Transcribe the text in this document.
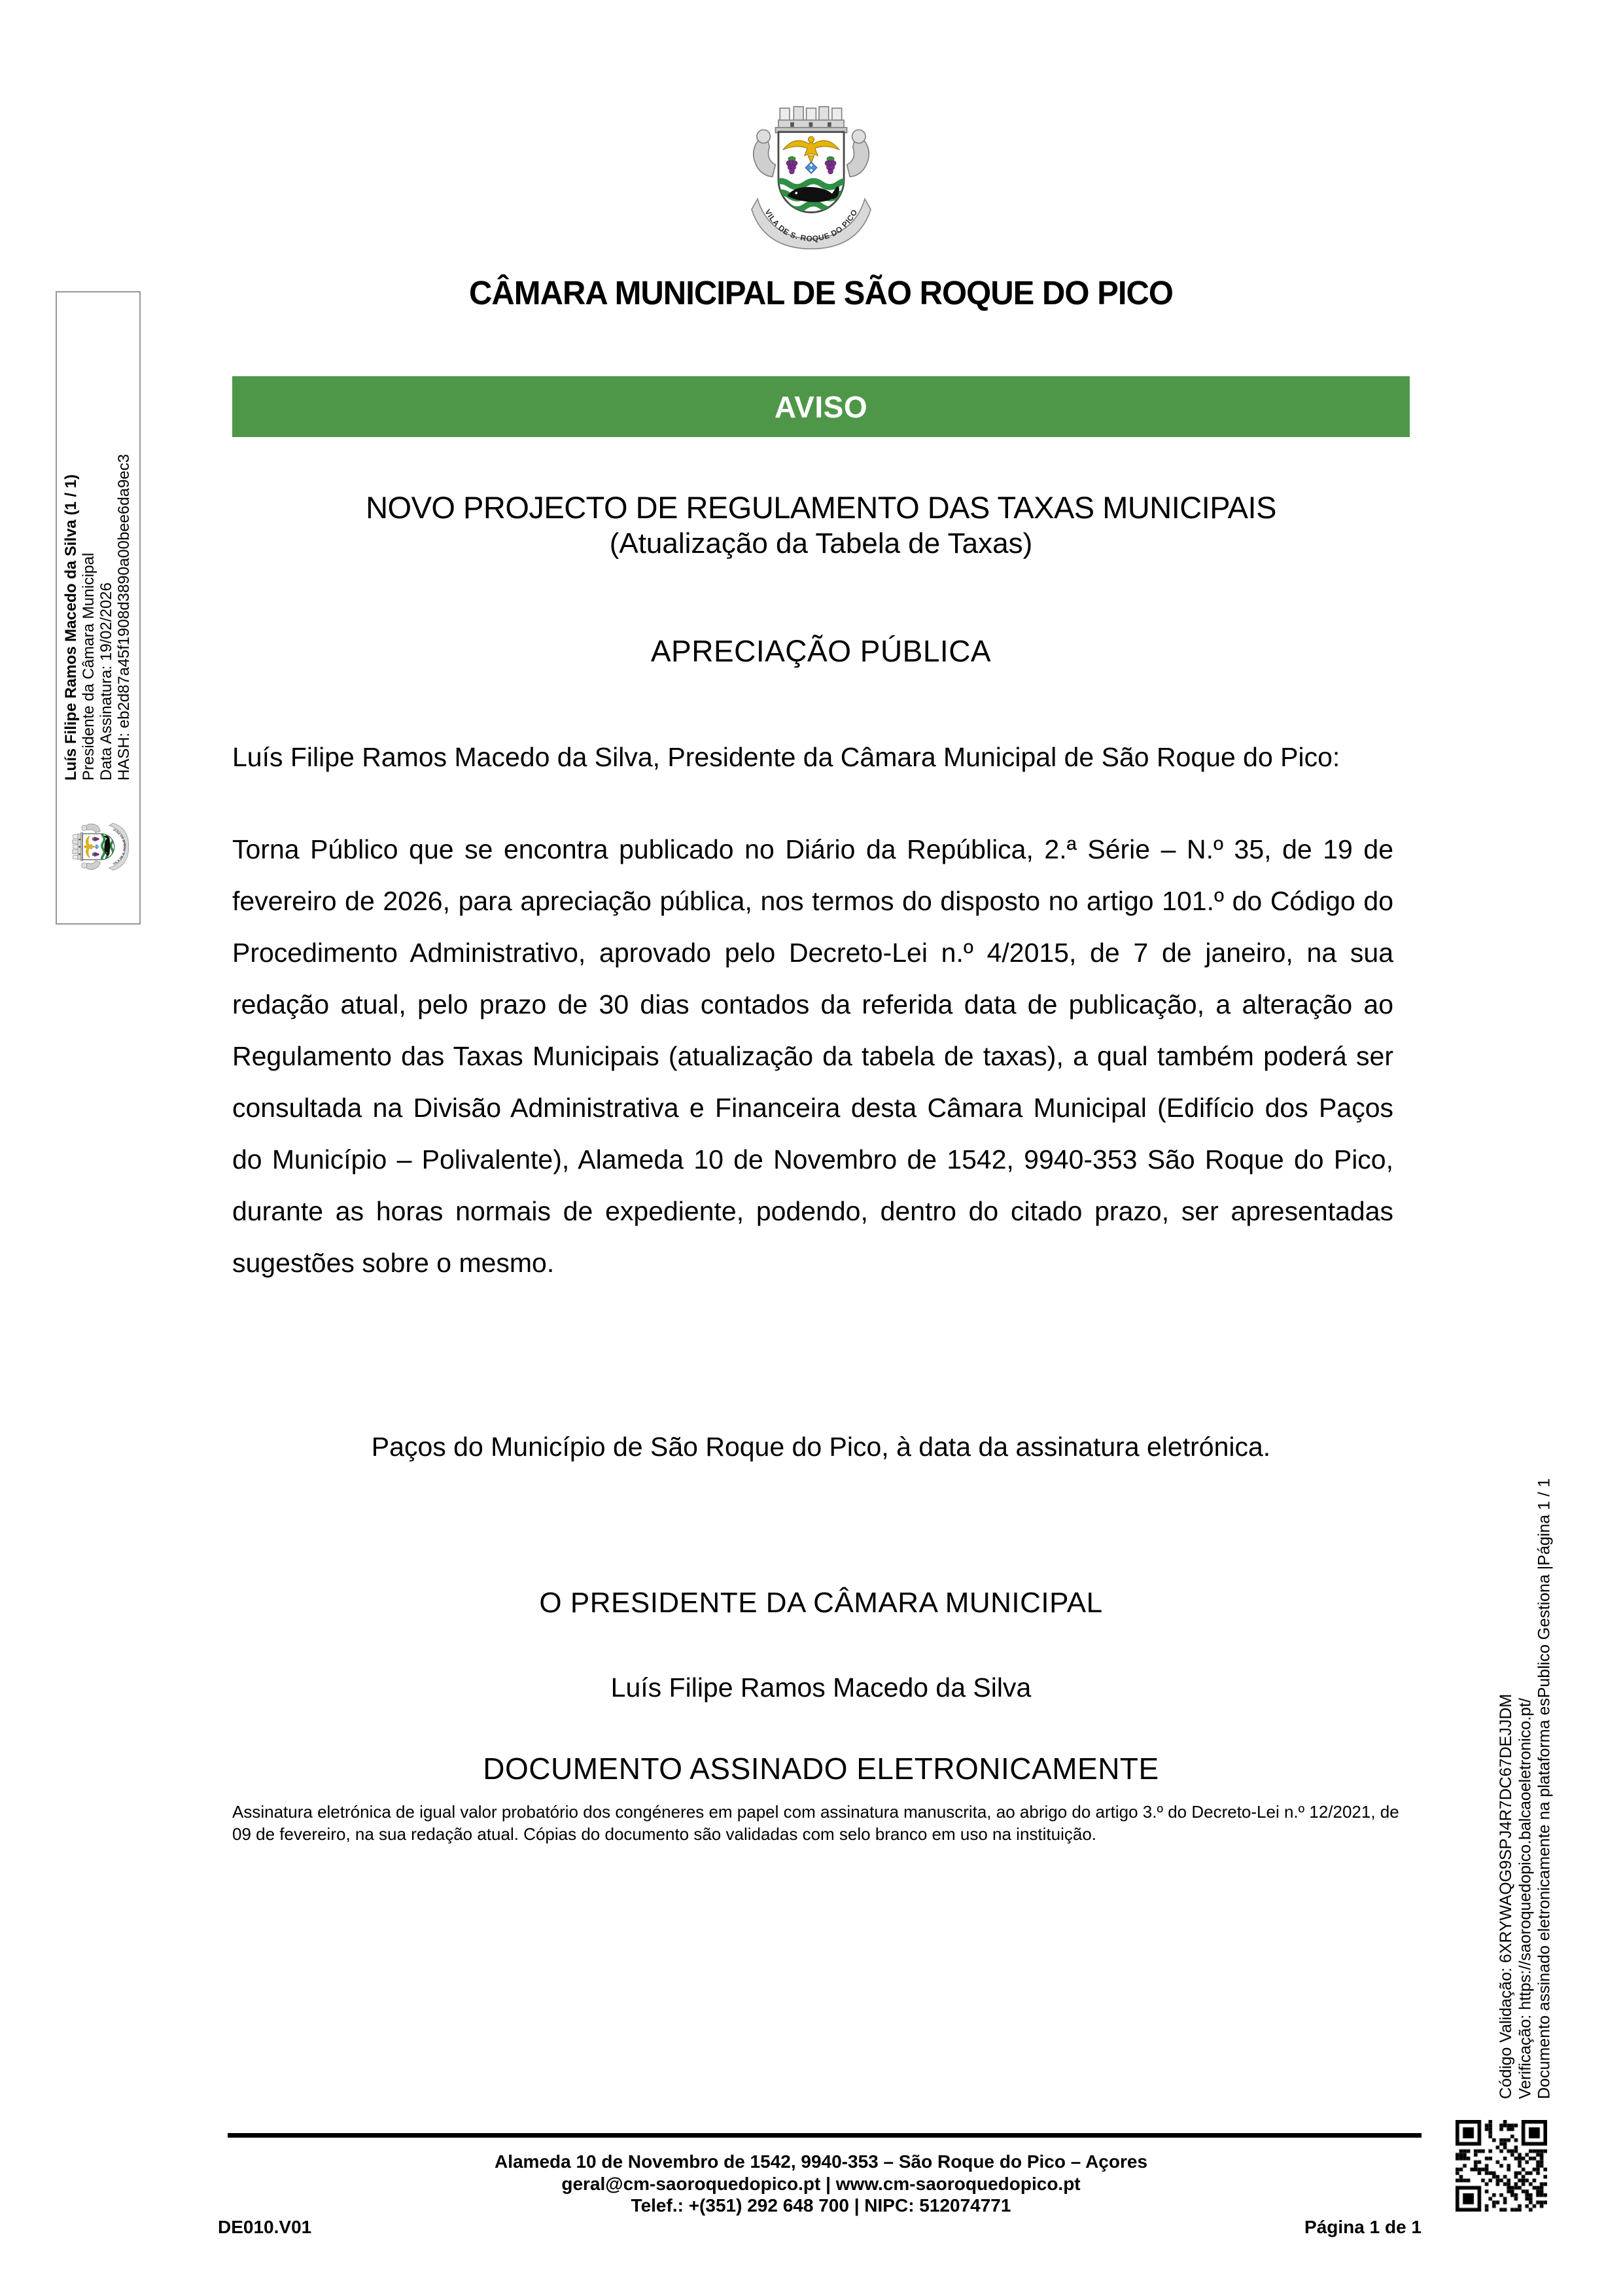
CÂMARA MUNICIPAL DE SÃO ROQUE DO PICO
AVISO
NOVO PROJECTO DE REGULAMENTO DAS TAXAS MUNICIPAIS
(Atualização da Tabela de Taxas)
APRECIAÇÃO PÚBLICA

Luís Filipe Ramos Macedo da Silva, Presidente da Câmara Municipal de São Roque do Pico:

Torna Público que se encontra publicado no Diário da República, 2.ª Série – N.º 35, de 19 de fevereiro de 2026, para apreciação pública, nos termos do disposto no artigo 101.º do Código do Procedimento Administrativo, aprovado pelo Decreto-Lei n.º 4/2015, de 7 de janeiro, na sua redação atual, pelo prazo de 30 dias contados da referida data de publicação, a alteração ao Regulamento das Taxas Municipais (atualização da tabela de taxas), a qual também poderá ser consultada na Divisão Administrativa e Financeira desta Câmara Municipal (Edifício dos Paços do Município – Polivalente), Alameda 10 de Novembro de 1542, 9940-353 São Roque do Pico, durante as horas normais de expediente, podendo, dentro do citado prazo, ser apresentadas sugestões sobre o mesmo.

Paços do Município de São Roque do Pico, à data da assinatura eletrónica.
O PRESIDENTE DA CÂMARA MUNICIPAL
Luís Filipe Ramos Macedo da Silva
DOCUMENTO ASSINADO ELETRONICAMENTE
Assinatura eletrónica de igual valor probatório dos congéneres em papel com assinatura manuscrita, ao abrigo do artigo 3.º do Decreto-Lei n.º 12/2021, de 09 de fevereiro, na sua redação atual. Cópias do documento são validadas com selo branco em uso na instituição.
Alameda 10 de Novembro de 1542, 9940-353 – São Roque do Pico – Açores
geral@cm-saoroquedopico.pt | www.cm-saoroquedopico.pt
Telef.: +(351) 292 648 700 | NIPC: 512074771
DE010.V01	Página 1 de 1
Luís Filipe Ramos Macedo da Silva (1 / 1) Presidente da Câmara Municipal Data Assinatura: 19/02/2026 HASH: eb2d87a45f1908d3890a00bee6da9ec3
Código Validação: 6XRYWAQG9SPJ4R7DC67DEJJDM Verificação: https://saoroquedopico.balcaoeletronico.pt/ Documento assinado eletronicamente na plataforma esPublico Gestiona |Página 1 / 1
